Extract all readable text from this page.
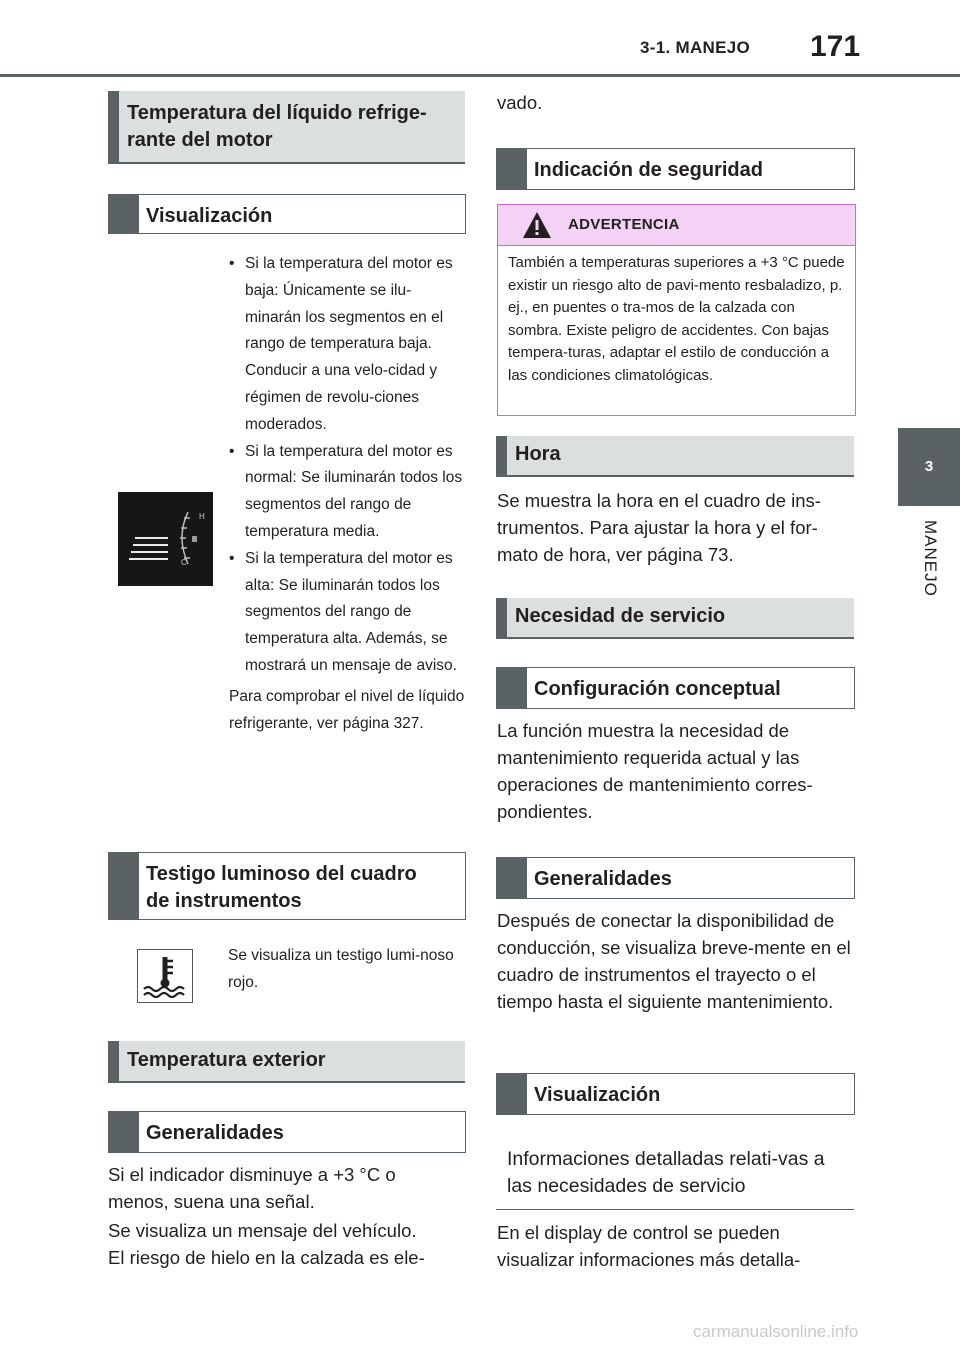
3-1. MANEJO	171
3
MANEJO
Temperatura del líquido refrige-
rante del motor
Visualización
H
C
• Si la temperatura del motor es baja: Únicamente se ilu-minarán los segmentos en el rango de temperatura baja. Conducir a una velo-cidad y régimen de revolu-ciones moderados.
• Si la temperatura del motor es normal: Se iluminarán todos los segmentos del rango de temperatura media.
• Si la temperatura del motor es alta: Se iluminarán todos los segmentos del rango de temperatura alta. Además, se mostrará un mensaje de aviso.
Para comprobar el nivel de líquido refrigerante, ver página 327.
Testigo luminoso del cuadro
de instrumentos
Se visualiza un testigo lumi-noso rojo.
Temperatura exterior
Generalidades
Si el indicador disminuye a +3 °C o menos, suena una señal.
Se visualiza un mensaje del vehículo.
El riesgo de hielo en la calzada es ele-
vado.
Indicación de seguridad
ADVERTENCIA
También a temperaturas superiores a +3 °C puede existir un riesgo alto de pavi-mento resbaladizo, p. ej., en puentes o tra-mos de la calzada con sombra. Existe peligro de accidentes. Con bajas tempera-turas, adaptar el estilo de conducción a las condiciones climatológicas.
Hora
Se muestra la hora en el cuadro de ins-trumentos. Para ajustar la hora y el for-mato de hora, ver página 73.
Necesidad de servicio
Configuración conceptual
La función muestra la necesidad de mantenimiento requerida actual y las operaciones de mantenimiento corres-pondientes.
Generalidades
Después de conectar la disponibilidad de conducción, se visualiza breve-mente en el cuadro de instrumentos el trayecto o el tiempo hasta el siguiente mantenimiento.
Visualización
Informaciones detalladas relati-vas a las necesidades de servicio
En el display de control se pueden visualizar informaciones más detalla-
carmanualsonline.info
